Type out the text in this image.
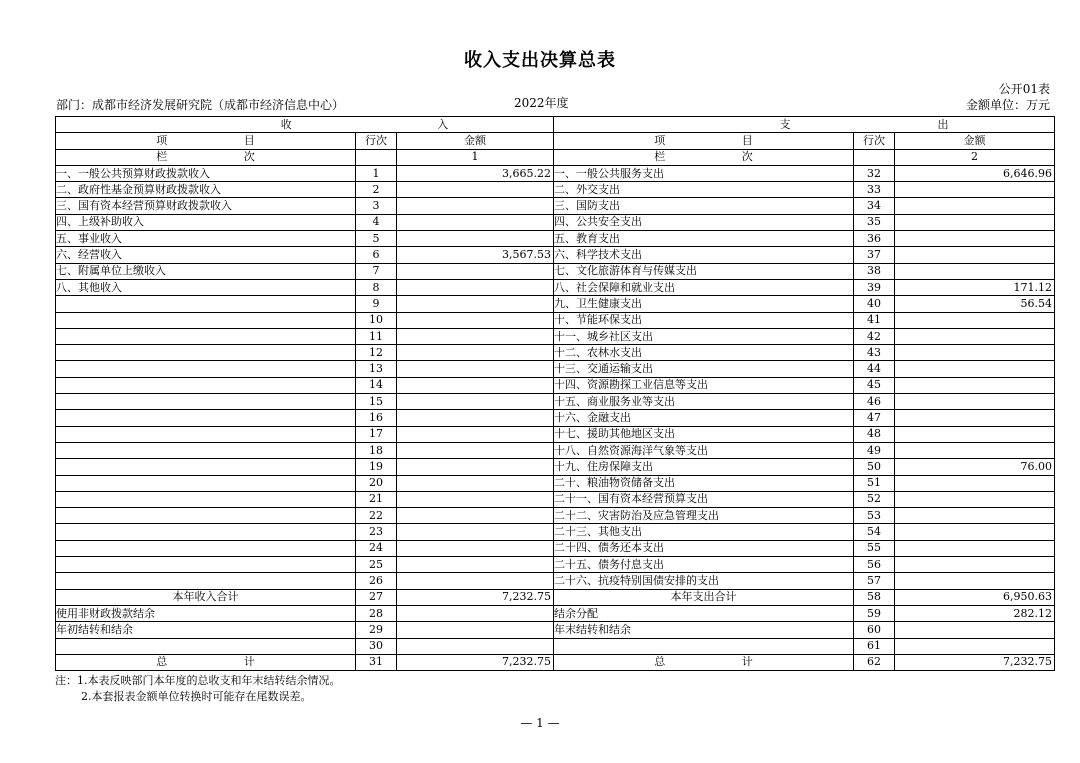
收入支出决算总表
公开01表
部门：成都市经济发展研究院（成都市经济信息中心）	2022年度	金额单位：万元
收 入			支 出		

项 目	行次	金额	项 目	行次	金额

栏 次		1	栏 次		2
一、一般公共预算财政拨款收入	1	3,665.22	一、一般公共服务支出	32	6,646.96
二、政府性基金预算财政拨款收入	2		二、外交支出	33	
三、国有资本经营预算财政拨款收入	3		三、国防支出	34	
四、上级补助收入	4		四、公共安全支出	35	
五、事业收入	5		五、教育支出	36	
六、经营收入	6	3,567.53	六、科学技术支出	37	
七、附属单位上缴收入	7		七、文化旅游体育与传媒支出	38	
八、其他收入	8		八、社会保障和就业支出	39	171.12
	9		九、卫生健康支出	40	56.54
	10		十、节能环保支出	41	
	11		十一、城乡社区支出	42	
	12		十二、农林水支出	43	
	13		十三、交通运输支出	44	
	14		十四、资源勘探工业信息等支出	45	
	15		十五、商业服务业等支出	46	
	16		十六、金融支出	47	
	17		十七、援助其他地区支出	48	
	18		十八、自然资源海洋气象等支出	49	
	19		十九、住房保障支出	50	76.00
	20		二十、粮油物资储备支出	51	
	21		二十一、国有资本经营预算支出	52	
	22		二十二、灾害防治及应急管理支出	53	
	23		二十三、其他支出	54	
	24		二十四、债务还本支出	55	
	25		二十五、债务付息支出	56	
	26		二十六、抗疫特别国债安排的支出	57	
本年收入合计	27	7,232.75	本年支出合计	58	6,950.63
使用非财政拨款结余	28		结余分配	59	282.12
年初结转和结余	29		年末结转和结余	60	
	30			61	

总 计	31	7,232.75	总 计	62	7,232.75
注：1.本表反映部门本年度的总收支和年末结转结余情况。
2.本套报表金额单位转换时可能存在尾数误差。
— 1 —
